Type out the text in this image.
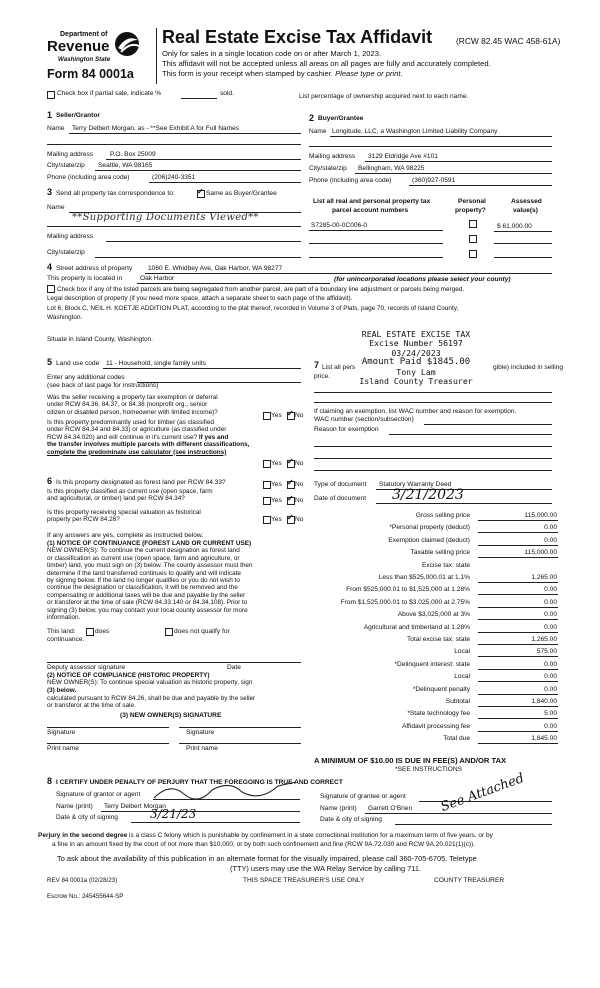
Department of
Revenue
Washington State
Form 84 0001a
Real Estate Excise Tax Affidavit	(RCW 82.45 WAC 458-61A)
Only for sales in a single location code on or after March 1, 2023.
This affidavit will not be accepted unless all areas on all pages are fully and accurately completed.
This form is your receipt when stamped by cashier. Please type or print.
Check box if partial sale, indicate %	sold.	List percentage of ownership acquired next to each name.
1 Seller/Grantor
Name Terry Delbert Morgan, as - **See Exhibit A for Full Names
Mailing address	P.O. Box 25009
City/state/zip Seattle, WA 98165
Phone (including area code)	(206)240-3351
2 Buyer/Grantee
Name Longitude, LLC, a Washington Limited Liability Company
Mailing address 3129 Eldridge Ave #101
City/state/zip Bellingham, WA 98225
Phone (including area code)	(360)927-0591
3 Send all property tax correspondence to: ✓	Same as Buyer/Grantee
Name
**Supporting Documents Viewed**
Mailing address
City/state/zip
List all real and personal property tax
parcel account numbers
Personal
property?
Assessed
value(s)
S7285-00-0C006-0	$ 61,000.00
4 Street address of property 1060 E. Whidbey Ave, Oak Harbor, WA 98277
This property is located in	Oak Harbor	(for unincorporated locations please select your county)
Check box if any of the listed parcels are being segregated from another parcel, are part of a boundary line adjustment or parcels being merged.
Legal description of property (if you need more space, attach a separate sheet to each page of the affidavit).
Lot 6, Block C, NEIL H. KOETJE ADDITION PLAT, according to the plat thereof, recorded in Volume 3 of Plats, page 70, records of Island County,
Washington.
Situate in Island County, Washington.
REAL ESTATE EXCISE TAX
Excise Number 56197
03/24/2023
Amount Paid $1845.00
Tony Lam
Island County Treasurer
5 Land use code 11 - Household, single family units
Enter any additional codes
(see back of last page for instructions)
Was the seller receiving a property tax exemption or deferral
under RCW 84.36, 84.37, or 84.38 (nonprofit org., senior
citizen or disabled person, homeowner with limited income)?	Yes ✓ No
Is this property predominantly used for timber (as classified
under RCW 84.34 and 84.33) or agriculture (as classified under
RCW 84.34.020) and will continue in it's current use? If yes and
the transfer involves multiple parcels with different classifications,
complete the predominate use calculator (see instructions)
Yes ✓ No
7 List all pers
price.
gible) included in selling
If claiming an exemption, list WAC number and reason for exemption.
WAC number (section/subsection)
Reason for exemption
6 Is this property designated as forest land per RCW 84.33?	Yes ✓ No
Is this property classified as current use (open space, farm
and agricultural, or timber) land per RCW 84.34?	Yes ✓ No
Is this property receiving special valuation as historical
property per RCW 84.26?	Yes ✓ No
If any answers are yes, complete as instructed below.
(1) NOTICE OF CONTINUANCE (FOREST LAND OR CURRENT USE)
NEW OWNER(S): To continue the current designation as forest land
or classification as current use (open space, farm and agriculture, or
timber) land, you must sign on (3) below. The county assessor must then
determine if the land transferred continues to qualify and will indicate
by signing below. If the land no longer qualifies or you do not wish to
continue the designation or classification, it will be removed and the
compensating or additional taxes will be due and payable by the seller
or transferor at the time of sale (RCW 84.33.140 or 84.34.108). Prior to
signing (3) below, you may contact your local county assessor for more
information.
This land:	does	does not qualify for
continuance.
Deputy assessor signature	Date
(2) NOTICE OF COMPLIANCE (HISTORIC PROPERTY)
NEW OWNER(S): To continue special valuation as historic property, sign
(3) below.
calculated pursuant to RCW 84.26, shall be due and payable by the seller
or transferor at the time of sale.
(3) NEW OWNER(S) SIGNATURE
Signature	Signature
Print name	Print name
Type of document Statutory Warranty Deed
Date of document 3/21/2023
Gross selling price	115,000.00
*Personal property (deduct)	0.00
Exemption claimed (deduct)	0.00
Taxable selling price	115,000.00
Excise tax: state
Less than $525,000.01 at 1.1%	1,265.00
From $525,000.01 to $1,525,000 at 1.28%	0.00
From $1,525,000.01 to $3,025,000 at 2.75%	0.00
Above $3,025,000 at 3%	0.00
Agricultural and timberland at 1.28%	0.00
Total excise tax: state	1,265.00
Local	575.00
*Delinquent interest: state	0.00
Local	0.00
*Delinquent penalty	0.00
Subtotal	1,840.00
*State technology fee	5.00
Affidavit processing fee	0.00
Total due	1,845.00
A MINIMUM OF $10.00 IS DUE IN FEE(S) AND/OR TAX
*SEE INSTRUCTIONS
8 I CERTIFY UNDER PENALTY OF PERJURY THAT THE FOREGOING IS TRUE AND CORRECT
Signature of grantor or agent
Name (print) Terry Delbert Morgan
Date & city of signing	3/21/23
Signature of grantee or agent
Name (print) Garrett O'Brien
Date & city of signing
See Attached
Perjury in the second degree is a class C felony which is punishable by confinement in a state correctional institution for a maximum term of five years, or by
a fine in an amount fixed by the court of not more than $10,000, or by both such confinement and fine (RCW 9A.72.030 and RCW 9A.20.021(1)(c)).
To ask about the availability of this publication in an alternate format for the visually impaired, please call 360-705-6705. Teletype
(TTY) users may use the WA Relay Service by calling 711.
REV 84 0001a (02/28/23)	THIS SPACE TREASURER'S USE ONLY	COUNTY TREASURER
Escrow No.: 245455644-SP
